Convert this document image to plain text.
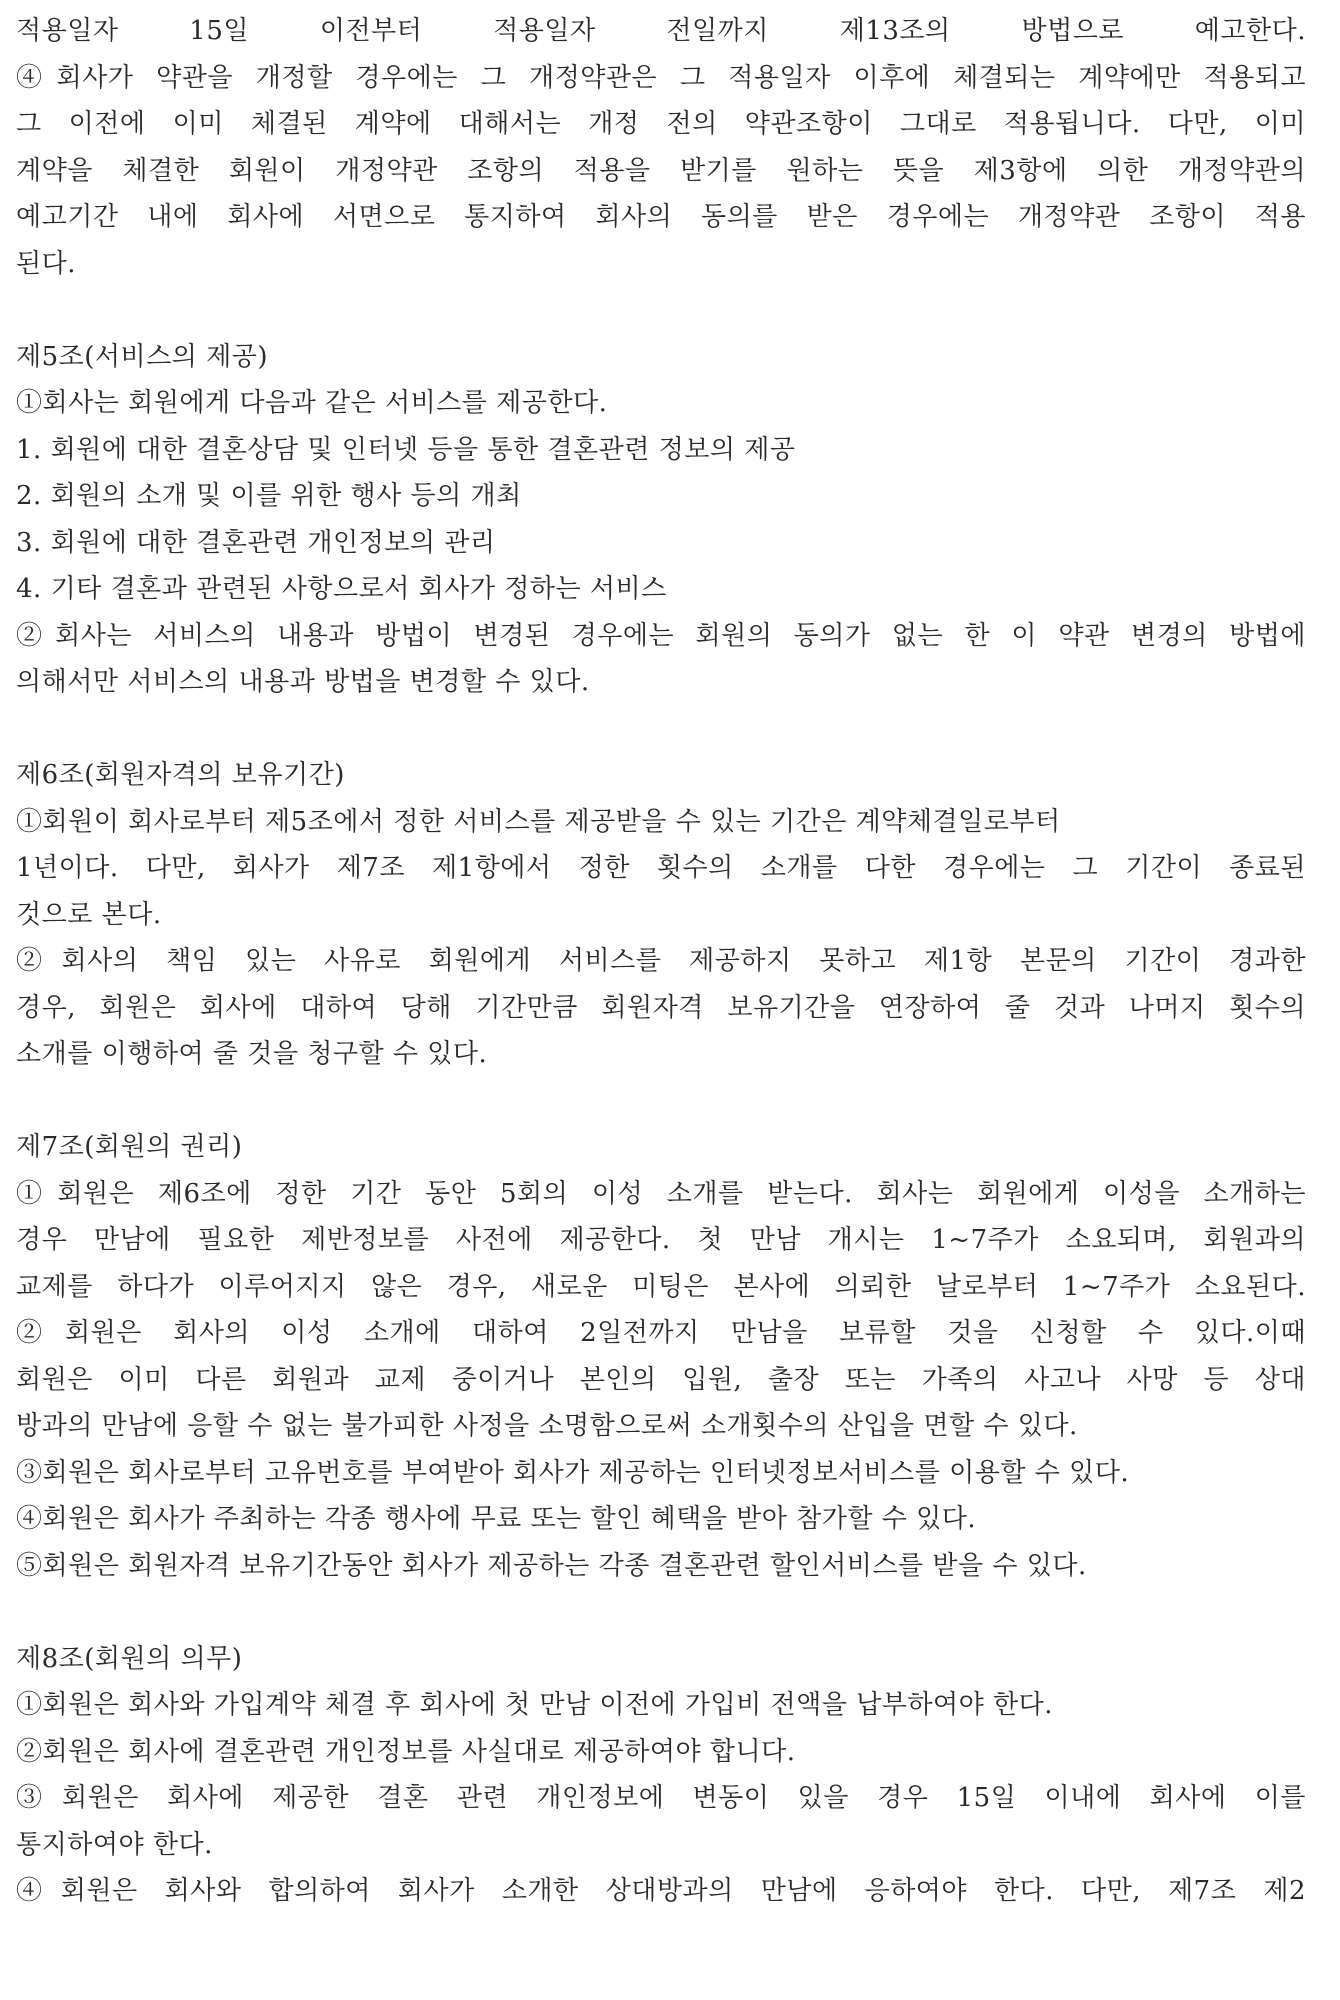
적용일자 15일 이전부터 적용일자 전일까지 제13조의 방법으로 예고한다.
④회사가 약관을 개정할 경우에는 그 개정약관은 그 적용일자 이후에 체결되는 계약에만 적용되고
그 이전에 이미 체결된 계약에 대해서는 개정 전의 약관조항이 그대로 적용됩니다. 다만, 이미
계약을 체결한 회원이 개정약관 조항의 적용을 받기를 원하는 뜻을 제3항에 의한 개정약관의
예고기간 내에 회사에 서면으로 통지하여 회사의 동의를 받은 경우에는 개정약관 조항이 적용
된다.
제5조(서비스의 제공)
①회사는 회원에게 다음과 같은 서비스를 제공한다.
1. 회원에 대한 결혼상담 및 인터넷 등을 통한 결혼관련 정보의 제공
2. 회원의 소개 및 이를 위한 행사 등의 개최
3. 회원에 대한 결혼관련 개인정보의 관리
4. 기타 결혼과 관련된 사항으로서 회사가 정하는 서비스
②회사는 서비스의 내용과 방법이 변경된 경우에는 회원의 동의가 없는 한 이 약관 변경의 방법에
의해서만 서비스의 내용과 방법을 변경할 수 있다.
제6조(회원자격의 보유기간)
①회원이 회사로부터 제5조에서 정한 서비스를 제공받을 수 있는 기간은 계약체결일로부터
1년이다. 다만, 회사가 제7조 제1항에서 정한 횟수의 소개를 다한 경우에는 그 기간이 종료된
것으로 본다.
②회사의 책임 있는 사유로 회원에게 서비스를 제공하지 못하고 제1항 본문의 기간이 경과한
경우, 회원은 회사에 대하여 당해 기간만큼 회원자격 보유기간을 연장하여 줄 것과 나머지 횟수의
소개를 이행하여 줄 것을 청구할 수 있다.
제7조(회원의 권리)
①회원은 제6조에 정한 기간 동안 5회의 이성 소개를 받는다. 회사는 회원에게 이성을 소개하는
경우 만남에 필요한 제반정보를 사전에 제공한다. 첫 만남 개시는 1~7주가 소요되며, 회원과의
교제를 하다가 이루어지지 않은 경우, 새로운 미팅은 본사에 의뢰한 날로부터 1~7주가 소요된다.
②회원은 회사의 이성 소개에 대하여 2일전까지 만남을 보류할 것을 신청할 수 있다.이때
회원은 이미 다른 회원과 교제 중이거나 본인의 입원, 출장 또는 가족의 사고나 사망 등 상대
방과의 만남에 응할 수 없는 불가피한 사정을 소명함으로써 소개횟수의 산입을 면할 수 있다.
③회원은 회사로부터 고유번호를 부여받아 회사가 제공하는 인터넷정보서비스를 이용할 수 있다.
④회원은 회사가 주최하는 각종 행사에 무료 또는 할인 혜택을 받아 참가할 수 있다.
⑤회원은 회원자격 보유기간동안 회사가 제공하는 각종 결혼관련 할인서비스를 받을 수 있다.
제8조(회원의 의무)
①회원은 회사와 가입계약 체결 후 회사에 첫 만남 이전에 가입비 전액을 납부하여야 한다.
②회원은 회사에 결혼관련 개인정보를 사실대로 제공하여야 합니다.
③회원은 회사에 제공한 결혼 관련 개인정보에 변동이 있을 경우 15일 이내에 회사에 이를
통지하여야 한다.
④회원은 회사와 합의하여 회사가 소개한 상대방과의 만남에 응하여야 한다. 다만, 제7조 제2
